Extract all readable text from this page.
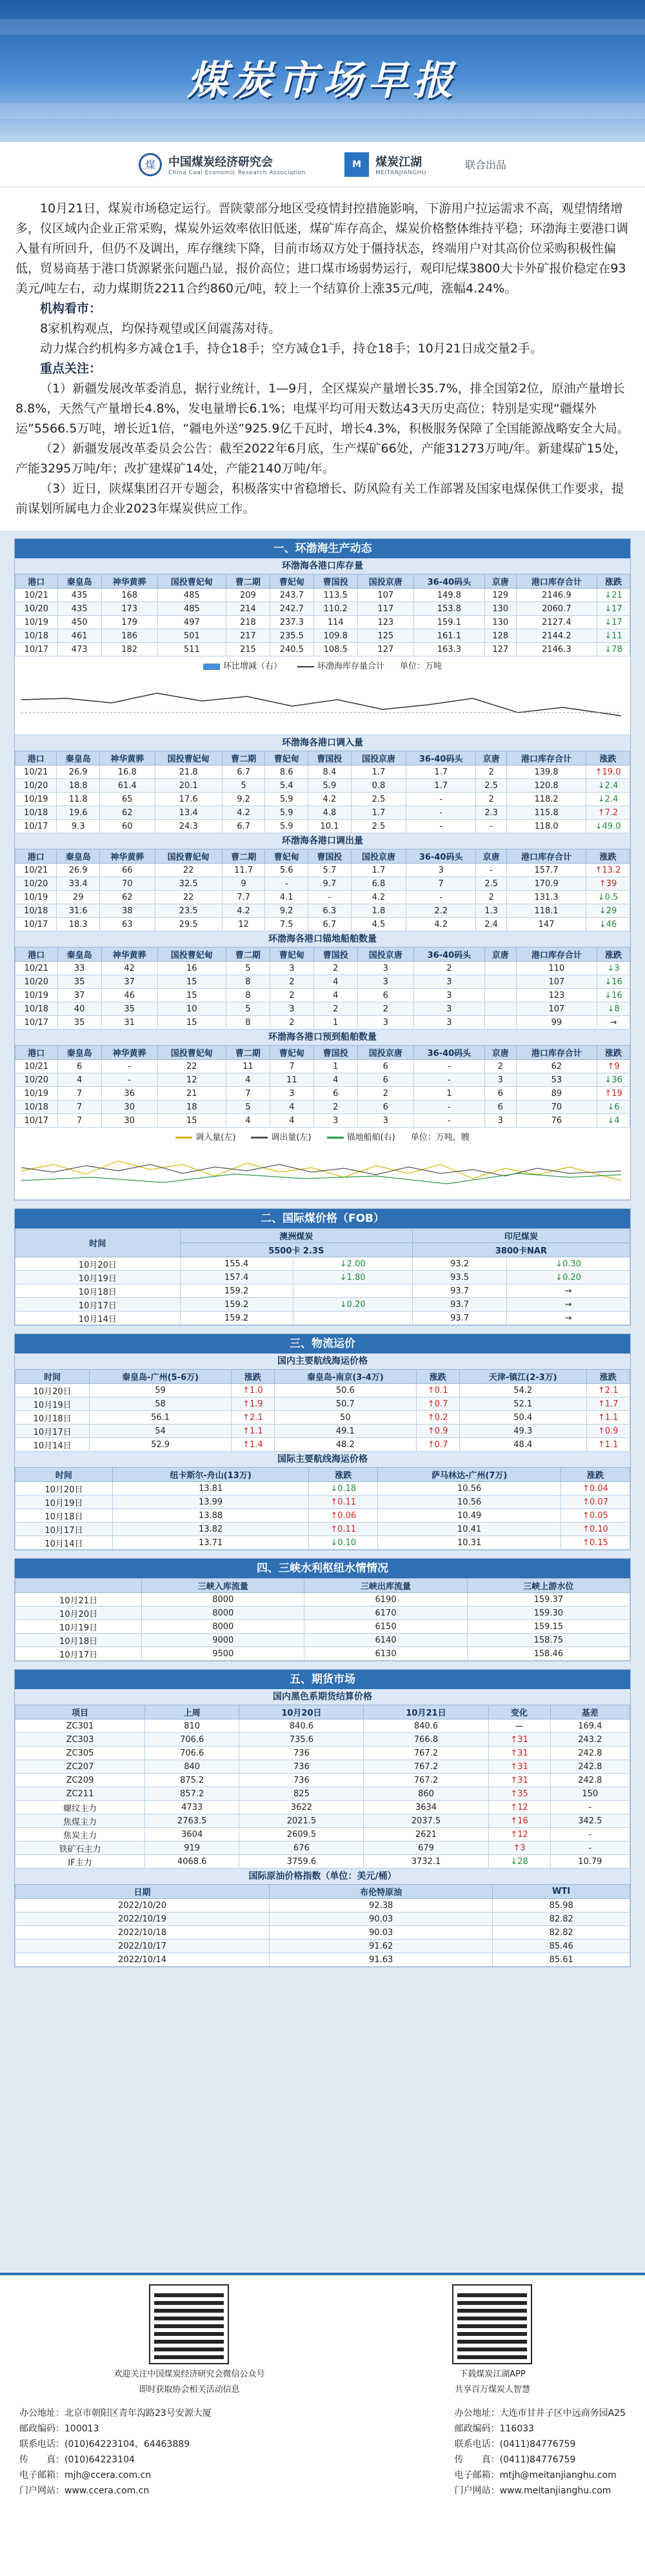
煤炭市场早报
煤	中国煤炭经济研究会
China Coal Economic Research Association
M	煤炭江湖
MEITANJIANGHU
联合出品

10月21日，煤炭市场稳定运行。晋陕蒙部分地区受疫情封控措施影响，下游用户拉运需求不高，观望情绪增多，仪区域内企业正常采购，煤炭外运效率依旧低迷，煤矿库存高企，煤炭价格整体维持平稳；环渤海主要港口调入量有所回升，但仍不及调出，库存继续下降，目前市场双方处于僵持状态，终端用户对其高价位采购积极性偏低，贸易商基于港口货源紧张问题凸显，报价高位；进口煤市场弱势运行，观印尼煤3800大卡外矿报价稳定在93美元/吨左右，动力煤期货2211合约860元/吨，较上一个结算价上涨35元/吨，涨幅4.24%。

机构看市：

8家机构观点，均保持观望或区间震荡对待。

动力煤合约机构多方减仓1手，持仓18手；空方减仓1手，持仓18手；10月21日成交量2手。

重点关注：

（1）新疆发展改革委消息，据行业统计，1—9月，全区煤炭产量增长35.7%，排全国第2位，原油产量增长8.8%，天然气产量增长4.8%，发电量增长6.1%；电煤平均可用天数达43天历史高位；特别是实现“疆煤外运”5566.5万吨，增长近1倍，“疆电外送”925.9亿千瓦时，增长4.3%，积极服务保障了全国能源战略安全大局。

（2）新疆发展改革委员会公告：截至2022年6月底，生产煤矿66处，产能31273万吨/年。新建煤矿15处，产能3295万吨/年；改扩建煤矿14处，产能2140万吨/年。

（3）近日，陕煤集团召开专题会，积极落实中省稳增长、防风险有关工作部署及国家电煤保供工作要求，提前谋划所属电力企业2023年煤炭供应工作。

一、环渤海生产动态
环渤海各港口库存量
港口	秦皇岛	神华黄骅	国投曹妃甸	曹二期	曹妃甸	曹国投	国投京唐	36-40码头	京唐	港口库存合计	涨跌
10/21	435	168	485	209	243.7	113.5	107	149.8	129	2146.9	↓21
10/20	435	173	485	214	242.7	110.2	117	153.8	130	2060.7	↓17
10/19	450	179	497	218	237.3	114	123	159.1	130	2127.4	↓17
10/18	461	186	501	217	235.5	109.8	125	161.1	128	2144.2	↓11
10/17	473	182	511	215	240.5	108.5	127	163.3	127	2146.3	↓78
环比增减（右）	环渤海库存量合计 单位：万吨
环渤海各港口调入量
港口	秦皇岛	神华黄骅	国投曹妃甸	曹二期	曹妃甸	曹国投	国投京唐	36-40码头	京唐	港口库存合计	涨跌
10/21	26.9	16.8	21.8	6.7	8.6	8.4	1.7	1.7	2	139.8	↑19.0
10/20	18.8	61.4	20.1	5	5.4	5.9	0.8	1.7	2.5	120.8	↓2.4
10/19	11.8	65	17.6	9.2	5.9	4.2	2.5	-	2	118.2	↓2.4
10/18	19.6	62	13.4	4.2	5.9	4.8	1.7	-	2.3	115.8	↑7.2
10/17	9.3	60	24.3	6.7	5.9	10.1	2.5	-	-	118.0	↓49.0
环渤海各港口调出量
港口	秦皇岛	神华黄骅	国投曹妃甸	曹二期	曹妃甸	曹国投	国投京唐	36-40码头	京唐	港口库存合计	涨跌
10/21	26.9	66	22	11.7	5.6	5.7	1.7	3	-	157.7	↑13.2
10/20	33.4	70	32.5	9	-	9.7	6.8	7	2.5	170.9	↑39
10/19	29	62	22	7.7	4.1	-	4.2	-	2	131.3	↓0.5
10/18	31.6	38	23.5	4.2	9.2	6.3	1.8	2.2	1.3	118.1	↓29
10/17	18.3	63	29.5	12	7.5	6.7	4.5	4.2	2.4	147	↓46
环渤海各港口锚地船舶数量
港口	秦皇岛	神华黄骅	国投曹妃甸	曹二期	曹妃甸	曹国投	国投京唐	36-40码头	京唐	港口库存合计	涨跌
10/21	33	42	16	5	3	2	3	2		110	↓3
10/20	35	37	15	8	2	4	3	3		107	↓16
10/19	37	46	15	8	2	4	6	3		123	↓16
10/18	40	35	10	5	3	2	2	3		107	↓8
10/17	35	31	15	8	2	1	3	3		99	→
环渤海各港口预到船舶数量
港口	秦皇岛	神华黄骅	国投曹妃甸	曹二期	曹妃甸	曹国投	国投京唐	36-40码头	京唐	港口库存合计	涨跌
10/21	6	-	22	11	7	1	6	-	2	62	↑9
10/20	4	-	12	4	11	4	6	-	3	53	↓36
10/19	7	36	21	7	3	6	2	1	6	89	↑19
10/18	7	30	18	5	4	2	6	-	6	70	↓6
10/17	7	30	15	4	4	3	3	-	3	76	↓4
调入量(左)	调出量(左)	锚地船舶(右) 单位：万吨，艘
二、国际煤价格（FOB）
时间	澳洲煤炭		印尼煤炭	
	5500卡 2.3S		3800卡NAR	
10月20日	155.4	↓2.00	93.2	↓0.30
10月19日	157.4	↓1.80	93.5	↓0.20
10月18日	159.2		93.7	→
10月17日	159.2	↓0.20	93.7	→
10月14日	159.2		93.7	→
三、物流运价
国内主要航线海运价格
时间	秦皇岛-广州(5-6万)	涨跌	秦皇岛-南京(3-4万)	涨跌	天津-镇江(2-3万)	涨跌
10月20日	59	↑1.0	50.6	↑0.1	54.2	↑2.1
10月19日	58	↑1.9	50.7	↑0.7	52.1	↑1.7
10月18日	56.1	↑2.1	50	↑0.2	50.4	↑1.1
10月17日	54	↑1.1	49.1	↑0.9	49.3	↑0.9
10月14日	52.9	↑1.4	48.2	↑0.7	48.4	↑1.1
国际主要航线海运价格
时间	纽卡斯尔-舟山(13万)	涨跌	萨马林达-广州(7万)	涨跌
10月20日	13.81	↓0.18	10.56	↑0.04
10月19日	13.99	↑0.11	10.56	↑0.07
10月18日	13.88	↑0.06	10.49	↑0.05
10月17日	13.82	↑0.11	10.41	↑0.10
10月14日	13.71	↓0.10	10.31	↑0.15
四、三峡水利枢纽水情情况
	三峡入库流量	三峡出库流量	三峡上游水位
10月21日	8000	6190	159.37
10月20日	8000	6170	159.30
10月19日	8000	6150	159.15
10月18日	9000	6140	158.75
10月17日	9500	6130	158.46
五、期货市场
国内黑色系期货结算价格
项目	上周	10月20日	10月21日	变化	基差
ZC301	810	840.6	840.6	—	169.4
ZC303	706.6	735.6	766.8	↑31	243.2
ZC305	706.6	736	767.2	↑31	242.8
ZC207	840	736	767.2	↑31	242.8
ZC209	875.2	736	767.2	↑31	242.8
ZC211	857.2	825	860	↑35	150
螺纹主力	4733	3622	3634	↑12	-
焦煤主力	2763.5	2021.5	2037.5	↑16	342.5
焦炭主力	3604	2609.5	2621	↑12	-
铁矿石主力	919	676	679	↑3	-
IF主力	4068.6	3759.6	3732.1	↓28	10.79
国际原油价格指数（单位：美元/桶）
日期	布伦特原油	WTI
2022/10/20	92.38	85.98
2022/10/19	90.03	82.82
2022/10/18	90.03	82.82
2022/10/17	91.62	85.46
2022/10/14	91.63	85.61
欢迎关注中国煤炭经济研究会微信公众号
即时获取协会相关活动信息
下载煤炭江湖APP
共享百万煤炭人智慧
办公地址：北京市朝阳区青年沟路23号安源大厦
邮政编码：100013
联系电话：(010)64223104、64463889
传　　真：(010)64223104
电子邮箱：mjh@ccera.com.cn
门户网站：www.ccera.com.cn
办公地址：大连市甘井子区中远商务园A25
邮政编码：116033
联系电话：(0411)84776759
传　　真：(0411)84776759
电子邮箱：mtjh@meitanjianghu.com
门户网站：www.meitanjianghu.com
